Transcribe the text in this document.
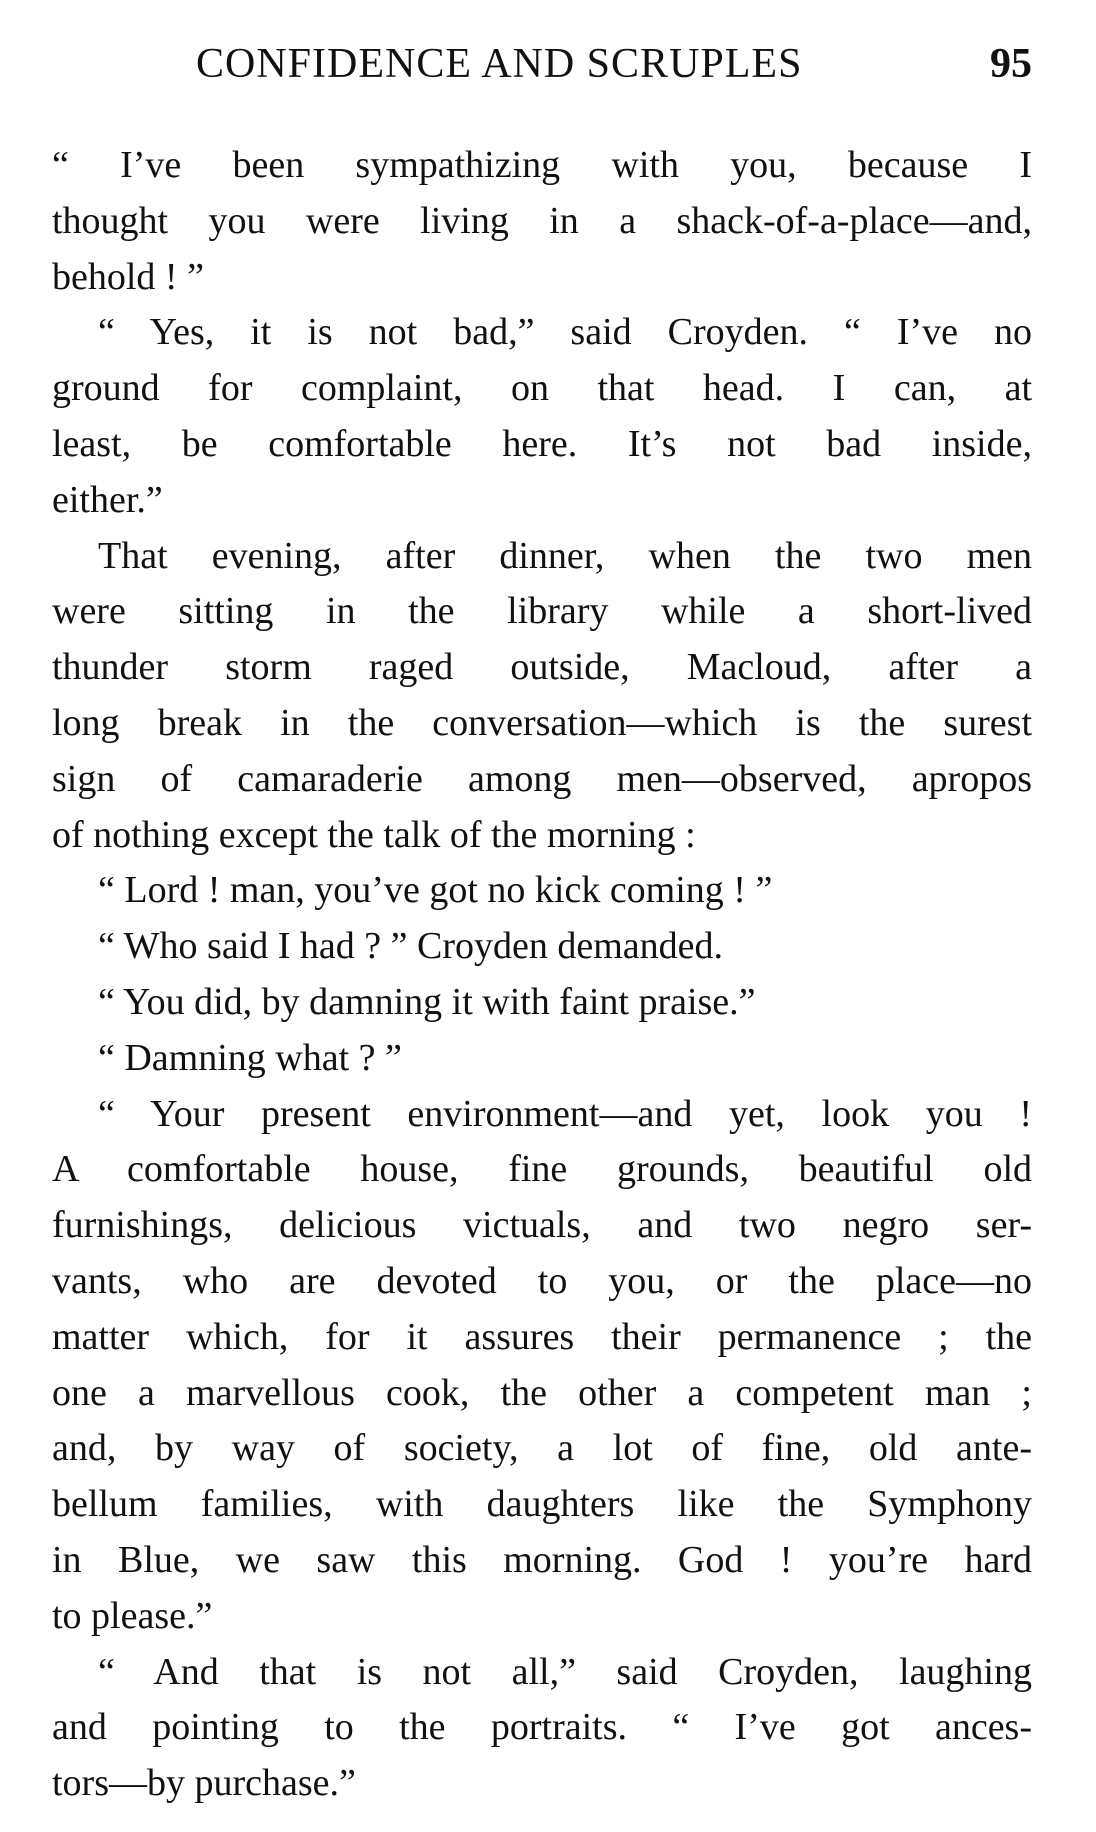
CONFIDENCE AND SCRUPLES	95
“ I’ve been sympathizing with you, because I
thought you were living in a shack-of-a-place—and,
behold ! ”
“ Yes, it is not bad,” said Croyden. “ I’ve no
ground for complaint, on that head. I can, at
least, be comfortable here. It’s not bad inside,
either.”
That evening, after dinner, when the two men
were sitting in the library while a short-lived
thunder storm raged outside, Macloud, after a
long break in the conversation—which is the surest
sign of camaraderie among men—observed, apropos
of nothing except the talk of the morning :
“ Lord ! man, you’ve got no kick coming ! ”
“ Who said I had ? ” Croyden demanded.
“ You did, by damning it with faint praise.”
“ Damning what ? ”
“ Your present environment—and yet, look you !
A comfortable house, fine grounds, beautiful old
furnishings, delicious victuals, and two negro ser-
vants, who are devoted to you, or the place—no
matter which, for it assures their permanence ; the
one a marvellous cook, the other a competent man ;
and, by way of society, a lot of fine, old ante-
bellum families, with daughters like the Symphony
in Blue, we saw this morning. God ! you’re hard
to please.”
“ And that is not all,” said Croyden, laughing
and pointing to the portraits. “ I’ve got ances-
tors—by purchase.”
